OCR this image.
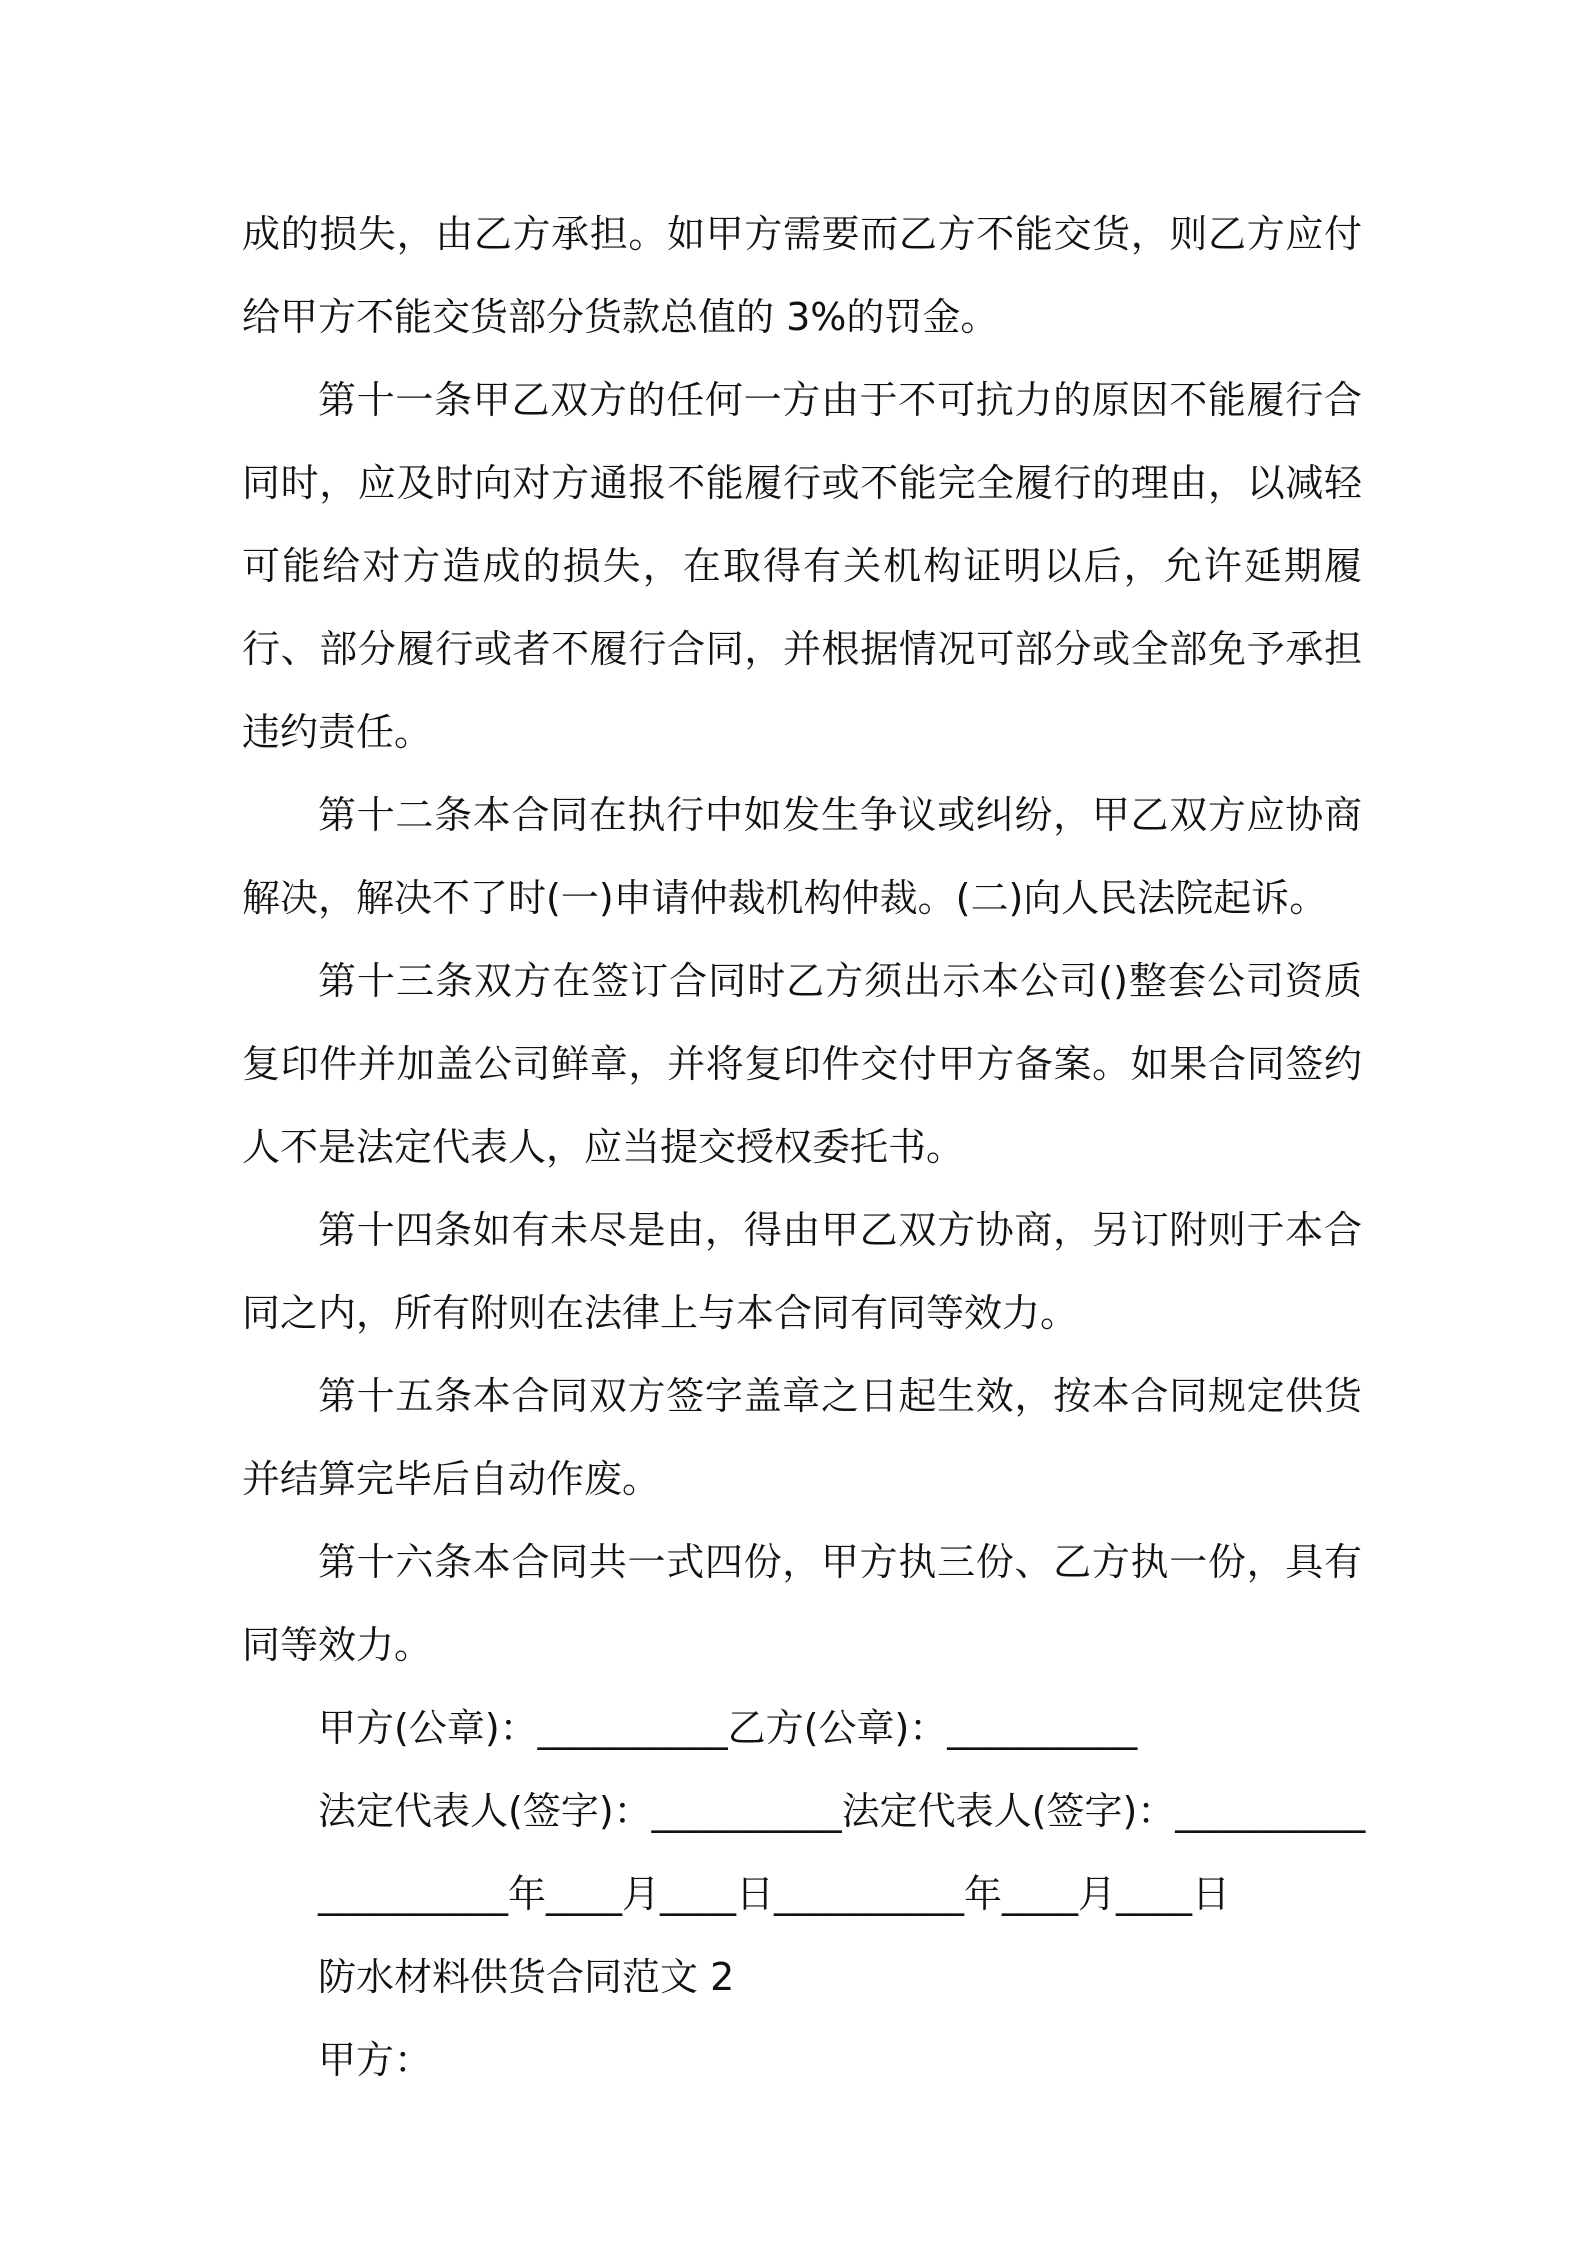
成的损失，由乙方承担。如甲方需要而乙方不能交货，则乙方应付给甲方不能交货部分货款总值的 3%的罚金。

第十一条甲乙双方的任何一方由于不可抗力的原因不能履行合同时，应及时向对方通报不能履行或不能完全履行的理由，以减轻可能给对方造成的损失，在取得有关机构证明以后，允许延期履行、部分履行或者不履行合同，并根据情况可部分或全部免予承担违约责任。

第十二条本合同在执行中如发生争议或纠纷，甲乙双方应协商解决，解决不了时(一)申请仲裁机构仲裁。(二)向人民法院起诉。

第十三条双方在签订合同时乙方须出示本公司()整套公司资质复印件并加盖公司鲜章，并将复印件交付甲方备案。如果合同签约人不是法定代表人，应当提交授权委托书。

第十四条如有未尽是由，得由甲乙双方协商，另订附则于本合同之内，所有附则在法律上与本合同有同等效力。

第十五条本合同双方签字盖章之日起生效，按本合同规定供货并结算完毕后自动作废。

第十六条本合同共一式四份，甲方执三份、乙方执一份，具有同等效力。

甲方(公章)：__________乙方(公章)：__________

法定代表人(签字)：__________法定代表人(签字)：__________

__________年____月____日__________年____月____日

防水材料供货合同范文 2

甲方：
